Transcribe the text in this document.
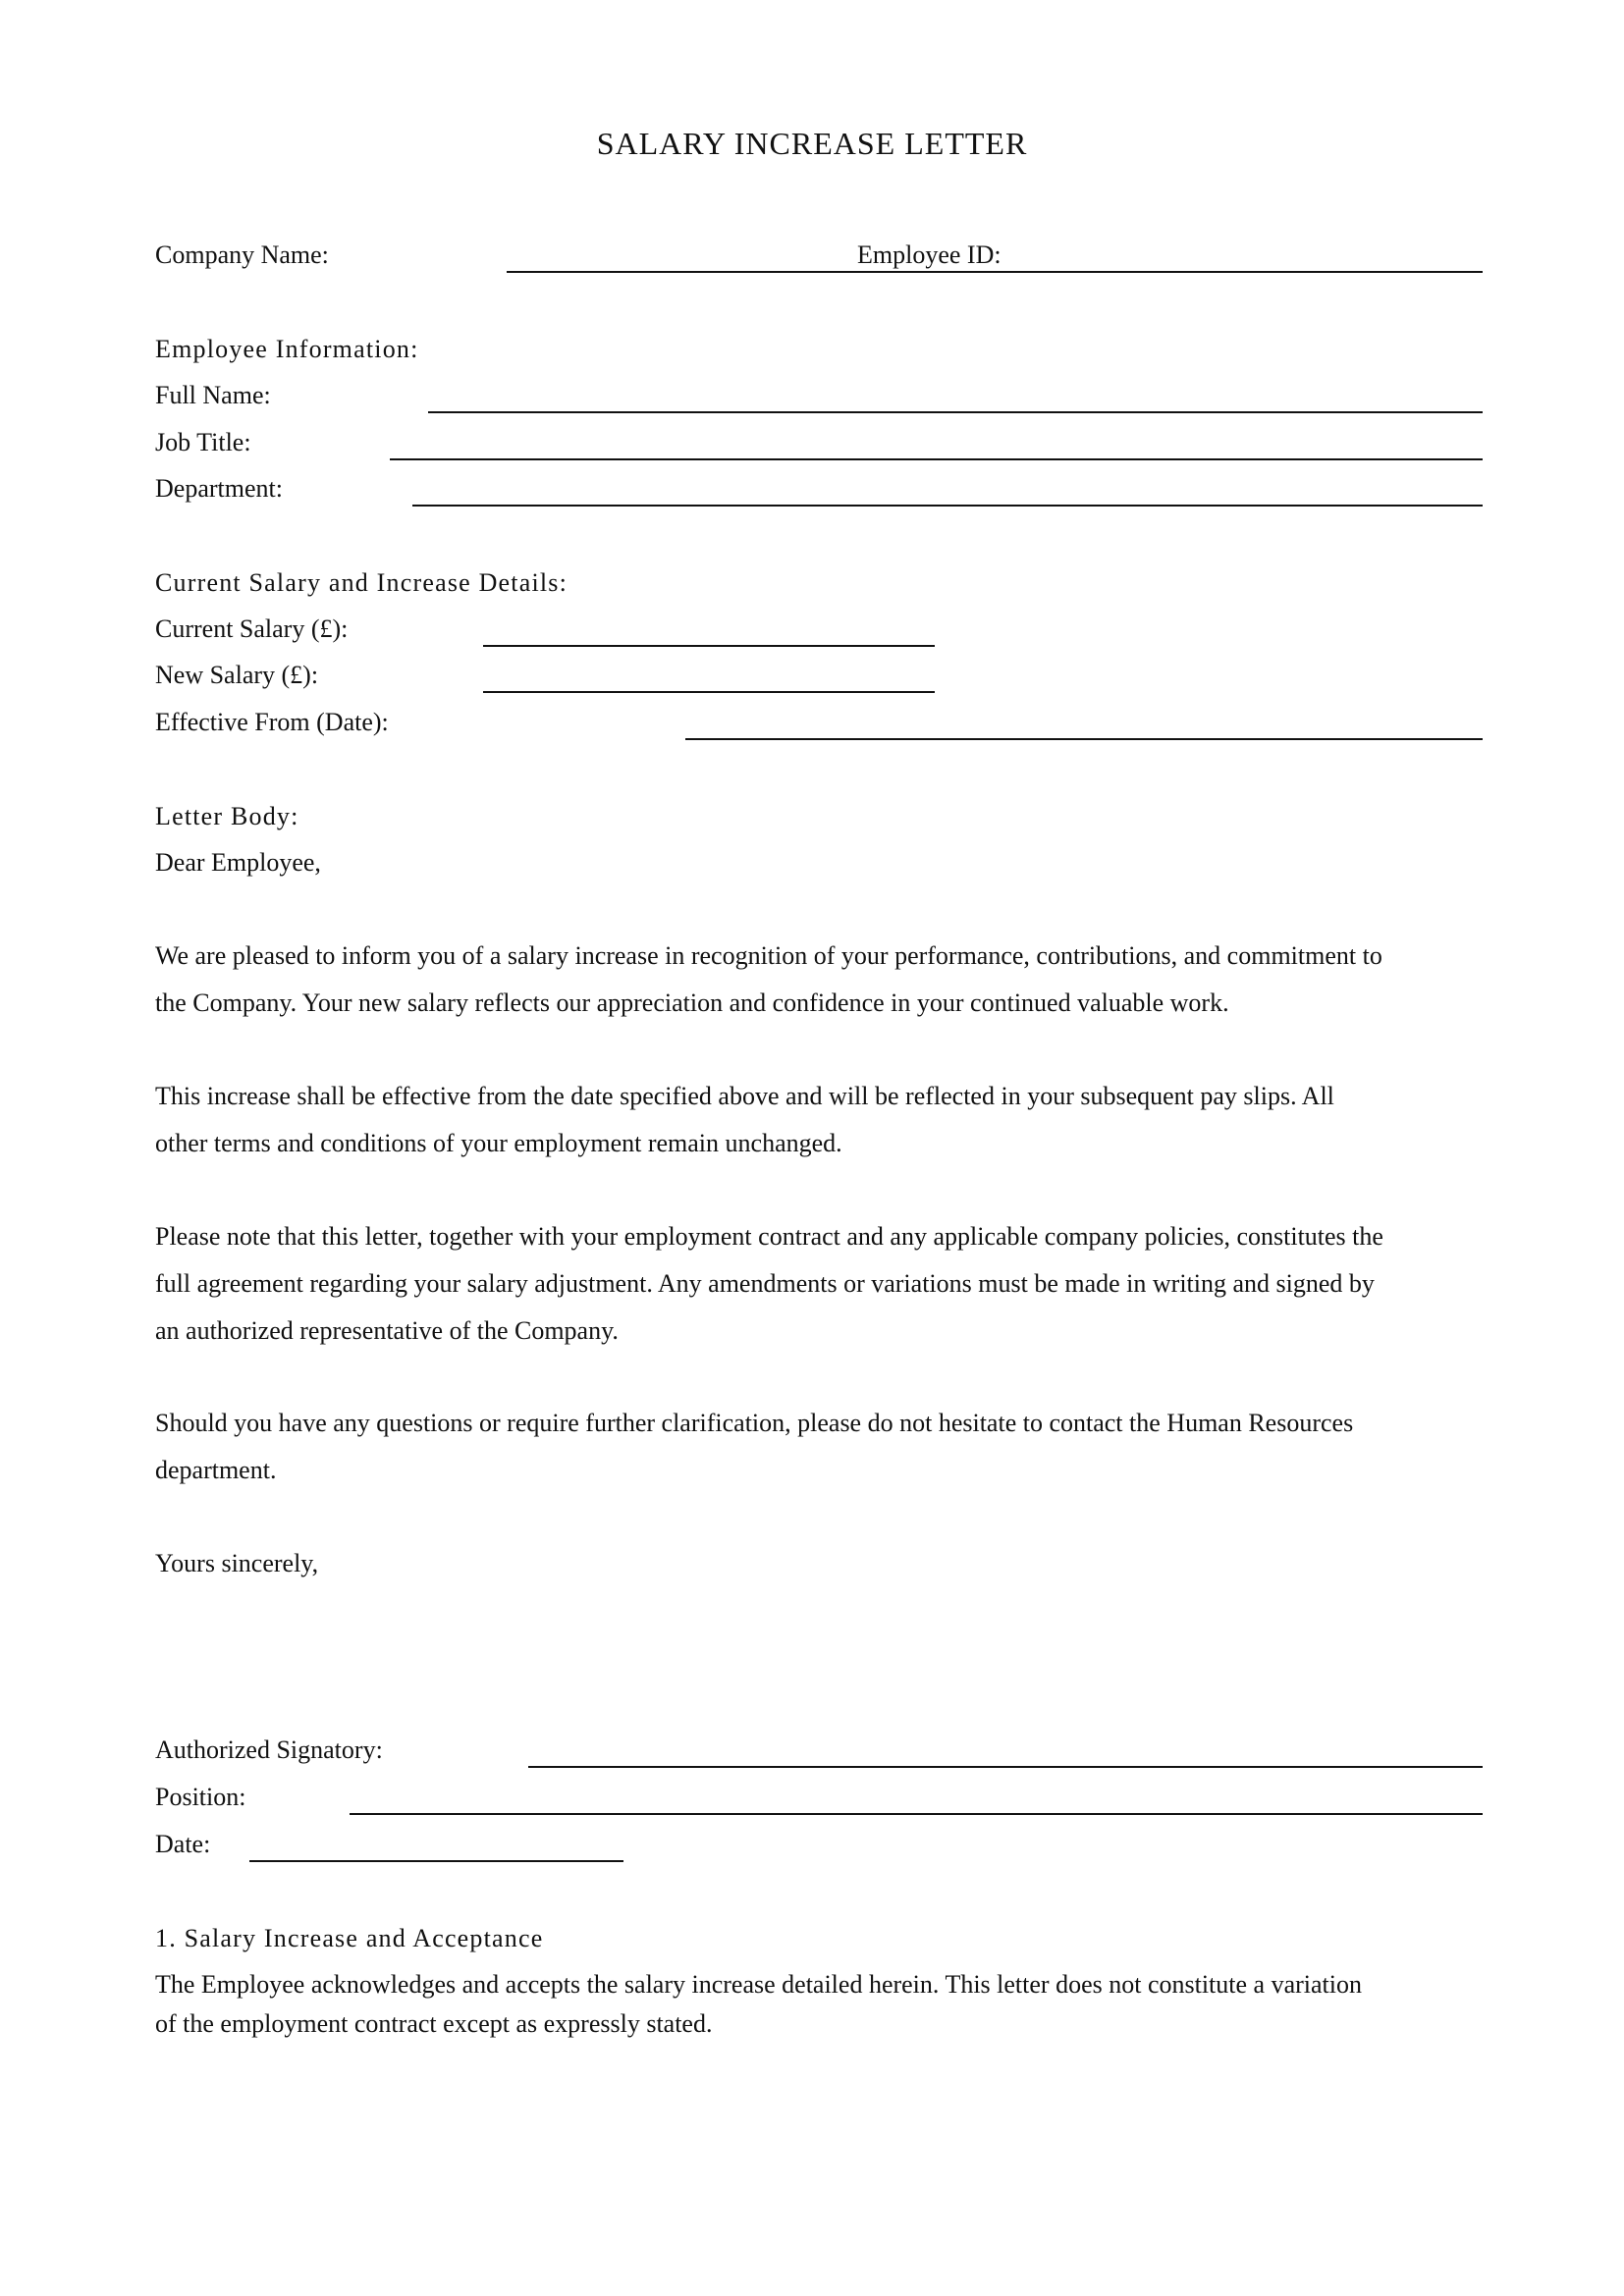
SALARY INCREASE LETTER
Company Name:	Employee ID:
Employee Information:
Full Name:
Job Title:
Department:
Current Salary and Increase Details:
Current Salary (£):
New Salary (£):
Effective From (Date):
Letter Body:
Dear Employee,
We are pleased to inform you of a salary increase in recognition of your performance, contributions, and commitment to
the Company. Your new salary reflects our appreciation and confidence in your continued valuable work.
This increase shall be effective from the date specified above and will be reflected in your subsequent pay slips. All
other terms and conditions of your employment remain unchanged.
Please note that this letter, together with your employment contract and any applicable company policies, constitutes the
full agreement regarding your salary adjustment. Any amendments or variations must be made in writing and signed by
an authorized representative of the Company.
Should you have any questions or require further clarification, please do not hesitate to contact the Human Resources
department.
Yours sincerely,
Authorized Signatory:
Position:
Date:
1. Salary Increase and Acceptance
The Employee acknowledges and accepts the salary increase detailed herein. This letter does not constitute a variation
of the employment contract except as expressly stated.
